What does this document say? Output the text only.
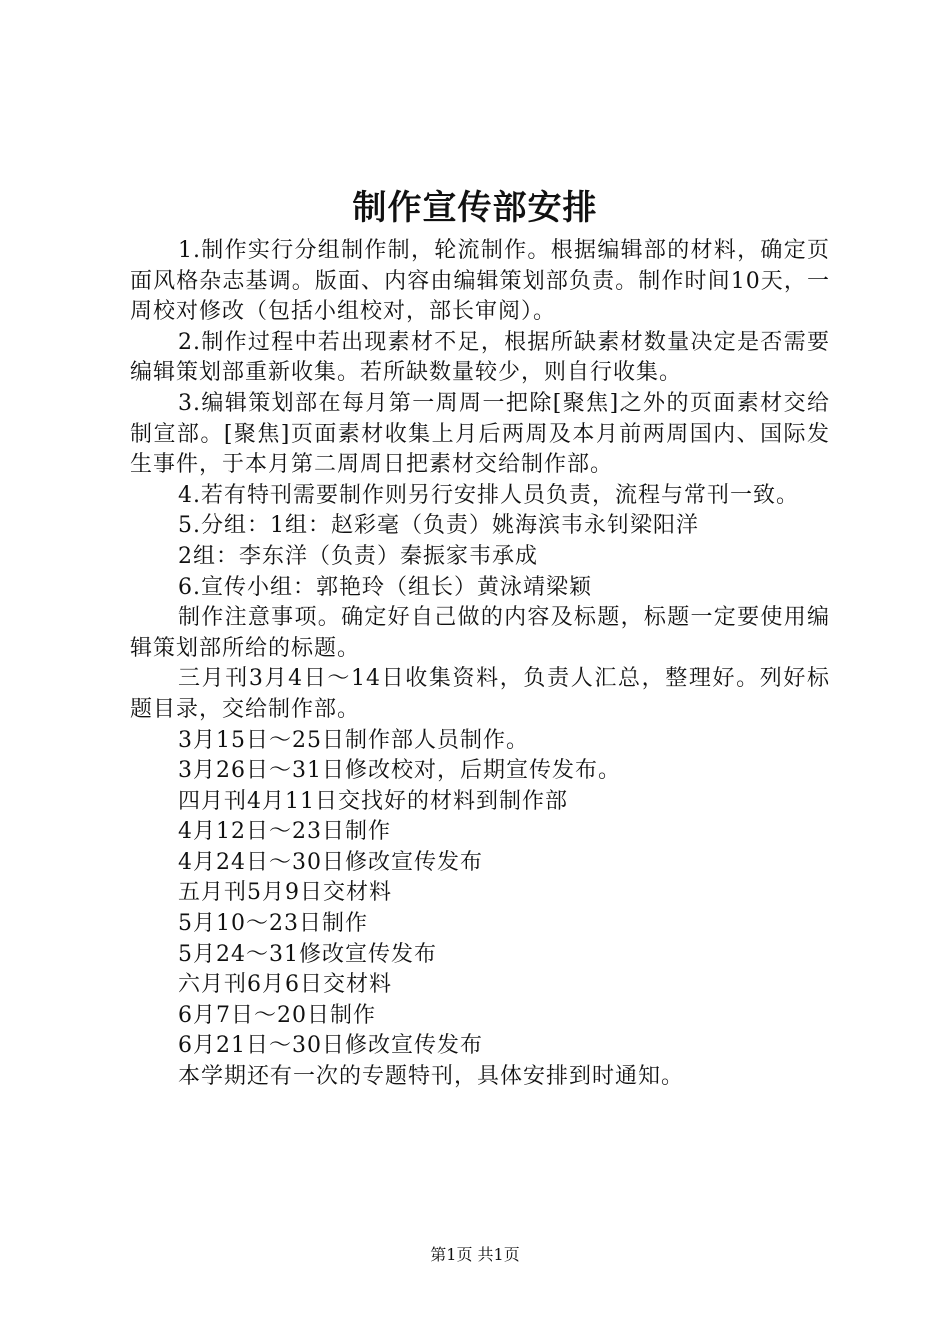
制作宣传部安排

1.制作实行分组制作制，轮流制作。根据编辑部的材料，确定页面风格杂志基调。版面、内容由编辑策划部负责。制作时间10天，一周校对修改（包括小组校对，部长审阅）。

2.制作过程中若出现素材不足，根据所缺素材数量决定是否需要编辑策划部重新收集。若所缺数量较少，则自行收集。

3.编辑策划部在每月第一周周一把除[聚焦]之外的页面素材交给制宣部。[聚焦]页面素材收集上月后两周及本月前两周国内、国际发生事件，于本月第二周周日把素材交给制作部。

4.若有特刊需要制作则另行安排人员负责，流程与常刊一致。

5.分组：1组：赵彩毫（负责）姚海滨韦永钊梁阳洋

2组：李东洋（负责）秦振家韦承成

6.宣传小组：郭艳玲（组长）黄泳靖梁颖

制作注意事项。确定好自己做的内容及标题，标题一定要使用编辑策划部所给的标题。

三月刊3月4日～14日收集资料，负责人汇总，整理好。列好标题目录，交给制作部。

3月15日～25日制作部人员制作。

3月26日～31日修改校对，后期宣传发布。

四月刊4月11日交找好的材料到制作部

4月12日～23日制作

4月24日～30日修改宣传发布

五月刊5月9日交材料

5月10～23日制作

5月24～31修改宣传发布

六月刊6月6日交材料

6月7日～20日制作

6月21日～30日修改宣传发布

本学期还有一次的专题特刊，具体安排到时通知。

第1页 共1页
